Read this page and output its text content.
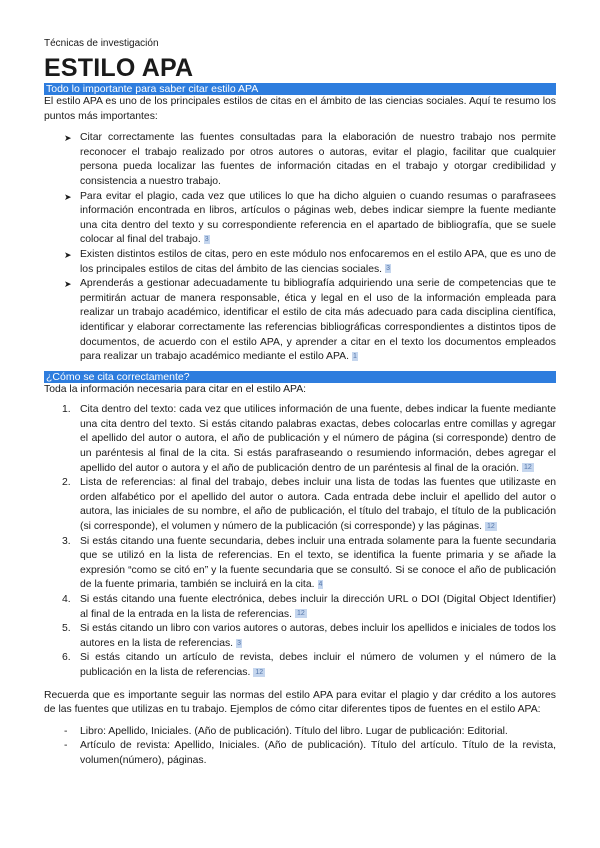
Técnicas de investigación
ESTILO APA
Todo lo importante para saber citar estilo APA

El estilo APA es uno de los principales estilos de citas en el ámbito de las ciencias sociales. Aquí te resumo los puntos más importantes:

➤ Citar correctamente las fuentes consultadas para la elaboración de nuestro trabajo nos permite reconocer el trabajo realizado por otros autores o autoras, evitar el plagio, facilitar que cualquier persona pueda localizar las fuentes de información citadas en el trabajo y otorgar credibilidad y consistencia a nuestro trabajo.
➤ Para evitar el plagio, cada vez que utilices lo que ha dicho alguien o cuando resumas o parafrasees información encontrada en libros, artículos o páginas web, debes indicar siempre la fuente mediante una cita dentro del texto y su correspondiente referencia en el apartado de bibliografía, que se suele colocar al final del trabajo. 3
➤ Existen distintos estilos de citas, pero en este módulo nos enfocaremos en el estilo APA, que es uno de los principales estilos de citas del ámbito de las ciencias sociales. 3
➤ Aprenderás a gestionar adecuadamente tu bibliografía adquiriendo una serie de competencias que te permitirán actuar de manera responsable, ética y legal en el uso de la información empleada para realizar un trabajo académico, identificar el estilo de cita más adecuado para cada disciplina científica, identificar y elaborar correctamente las referencias bibliográficas correspondientes a distintos tipos de documentos, de acuerdo con el estilo APA, y aprender a citar en el texto los documentos empleados para realizar un trabajo académico mediante el estilo APA. 1
¿Cómo se cita correctamente?

Toda la información necesaria para citar en el estilo APA:

1. Cita dentro del texto: cada vez que utilices información de una fuente, debes indicar la fuente mediante una cita dentro del texto. Si estás citando palabras exactas, debes colocarlas entre comillas y agregar el apellido del autor o autora, el año de publicación y el número de página (si corresponde) dentro de un paréntesis al final de la cita. Si estás parafraseando o resumiendo información, debes agregar el apellido del autor o autora y el año de publicación dentro de un paréntesis al final de la oración. 12
2. Lista de referencias: al final del trabajo, debes incluir una lista de todas las fuentes que utilizaste en orden alfabético por el apellido del autor o autora. Cada entrada debe incluir el apellido del autor o autora, las iniciales de su nombre, el año de publicación, el título del trabajo, el título de la publicación (si corresponde), el volumen y número de la publicación (si corresponde) y las páginas. 12
3. Si estás citando una fuente secundaria, debes incluir una entrada solamente para la fuente secundaria que se utilizó en la lista de referencias. En el texto, se identifica la fuente primaria y se añade la expresión “como se citó en” y la fuente secundaria que se consultó. Si se conoce el año de publicación de la fuente primaria, también se incluirá en la cita. 4
4. Si estás citando una fuente electrónica, debes incluir la dirección URL o DOI (Digital Object Identifier) al final de la entrada en la lista de referencias. 12
5. Si estás citando un libro con varios autores o autoras, debes incluir los apellidos e iniciales de todos los autores en la lista de referencias. 3
6. Si estás citando un artículo de revista, debes incluir el número de volumen y el número de la publicación en la lista de referencias. 12

Recuerda que es importante seguir las normas del estilo APA para evitar el plagio y dar crédito a los autores de las fuentes que utilizas en tu trabajo. Ejemplos de cómo citar diferentes tipos de fuentes en el estilo APA:

- Libro: Apellido, Iniciales. (Año de publicación). Título del libro. Lugar de publicación: Editorial.
- Artículo de revista: Apellido, Iniciales. (Año de publicación). Título del artículo. Título de la revista, volumen(número), páginas.
